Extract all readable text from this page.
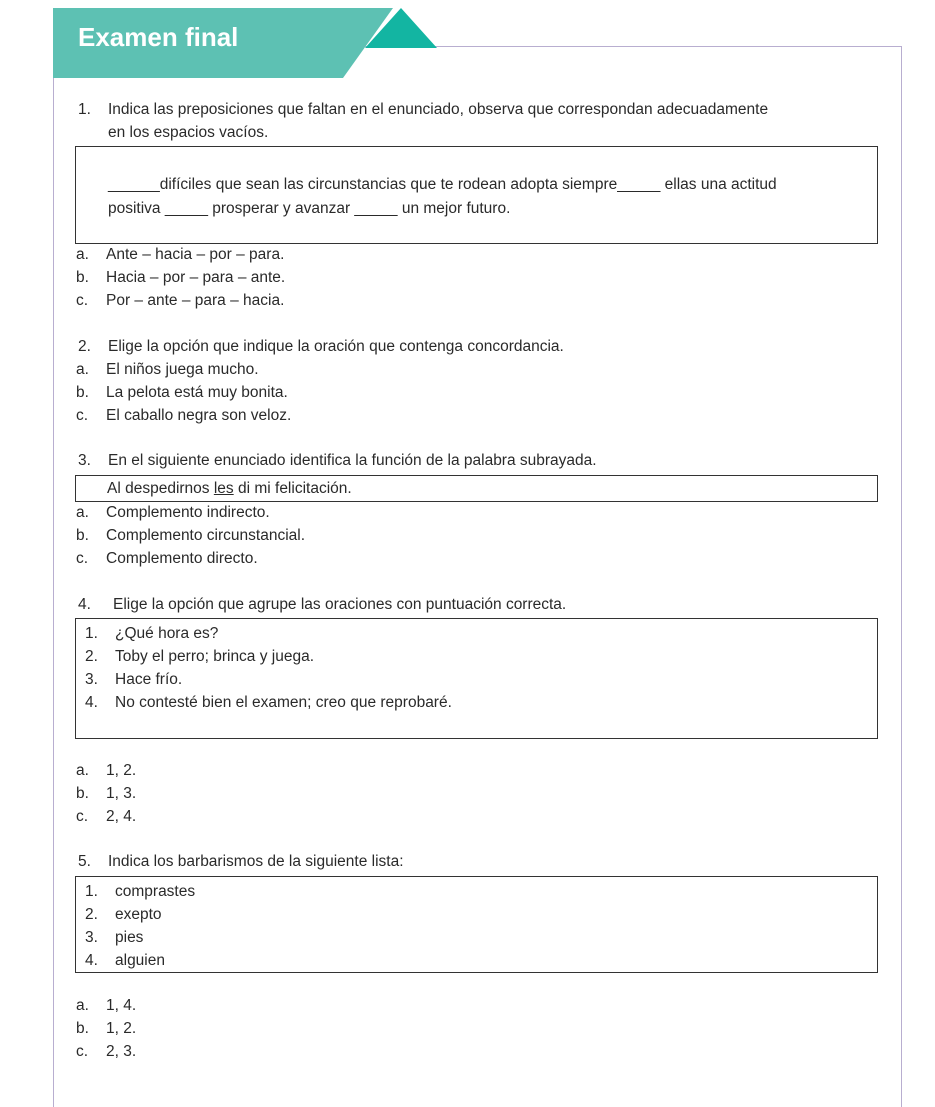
Examen final
1. Indica las preposiciones que faltan en el enunciado, observa que correspondan adecuadamente
en los espacios vacíos.
______difíciles que sean las circunstancias que te rodean adopta siempre_____ ellas una actitud
positiva _____ prosperar y avanzar _____ un mejor futuro.
a. Ante – hacia – por – para.
b. Hacia – por – para – ante.
c. Por – ante – para – hacia.
2. Elige la opción que indique la oración que contenga concordancia.
a. El niños juega mucho.
b. La pelota está muy bonita.
c. El caballo negra son veloz.
3. En el siguiente enunciado identifica la función de la palabra subrayada.
Al despedirnos les di mi felicitación.
a. Complemento indirecto.
b. Complemento circunstancial.
c. Complemento directo.
4. Elige la opción que agrupe las oraciones con puntuación correcta.
1. ¿Qué hora es?
2. Toby el perro; brinca y juega.
3. Hace frío.
4. No contesté bien el examen; creo que reprobaré.
a. 1, 2.
b. 1, 3.
c. 2, 4.
5. Indica los barbarismos de la siguiente lista:
1. comprastes
2. exepto
3. pies
4. alguien
a. 1, 4.
b. 1, 2.
c. 2, 3.
